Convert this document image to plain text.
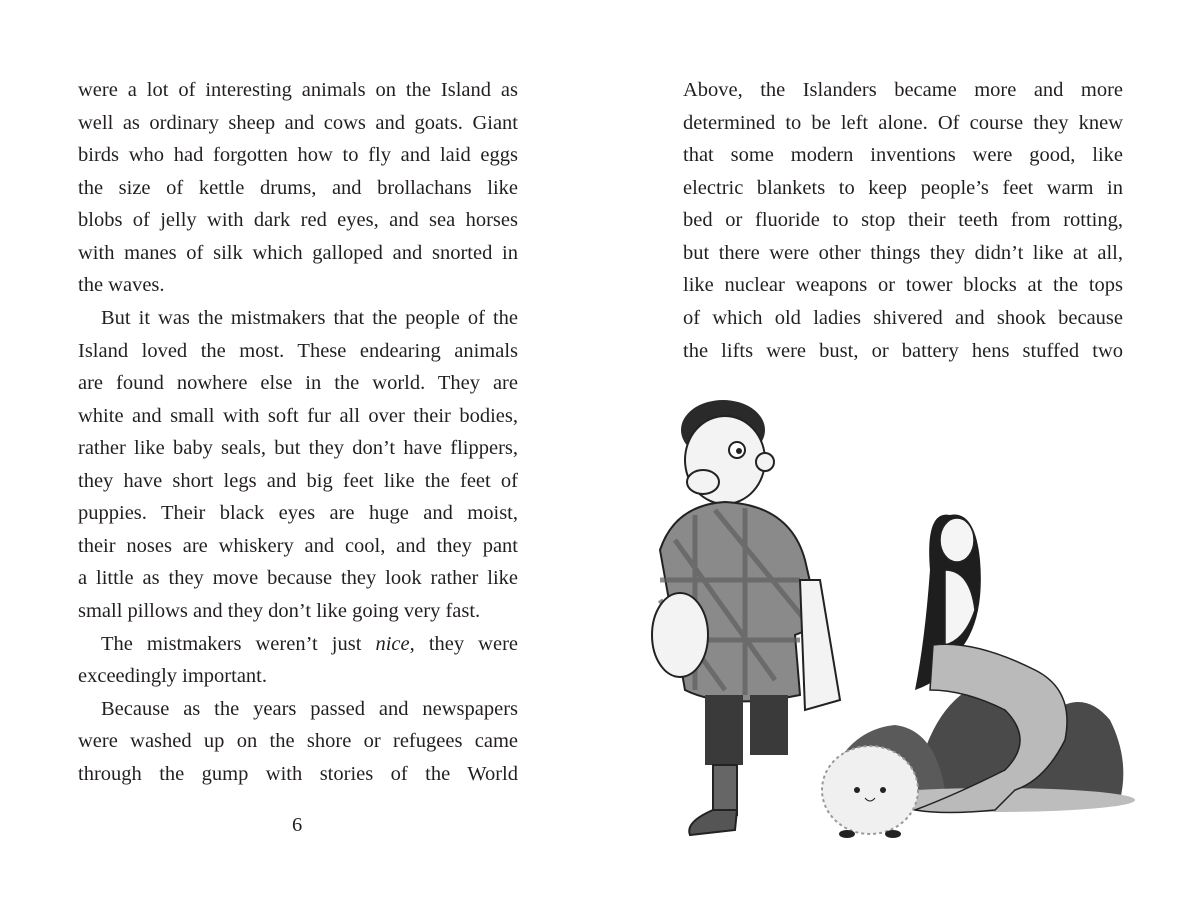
were a lot of interesting animals on the Island as
well as ordinary sheep and cows and goats. Giant
birds who had forgotten how to fly and laid eggs
the size of kettle drums, and brollachans like
blobs of jelly with dark red eyes, and sea horses
with manes of silk which galloped and snorted in
the waves.
But it was the mistmakers that the people of the
Island loved the most. These endearing animals
are found nowhere else in the world. They are
white and small with soft fur all over their bodies,
rather like baby seals, but they don’t have flippers,
they have short legs and big feet like the feet of
puppies. Their black eyes are huge and moist,
their noses are whiskery and cool, and they pant
a little as they move because they look rather like
small pillows and they don’t like going very fast.
The mistmakers weren’t just nice, they were
exceedingly important.
Because as the years passed and newspapers
were washed up on the shore or refugees came
through the gump with stories of the World
Above, the Islanders became more and more
determined to be left alone. Of course they knew
that some modern inventions were good, like
electric blankets to keep people’s feet warm in
bed or fluoride to stop their teeth from rotting,
but there were other things they didn’t like at all,
like nuclear weapons or tower blocks at the tops
of which old ladies shivered and shook because
the lifts were bust, or battery hens stuffed two
6
